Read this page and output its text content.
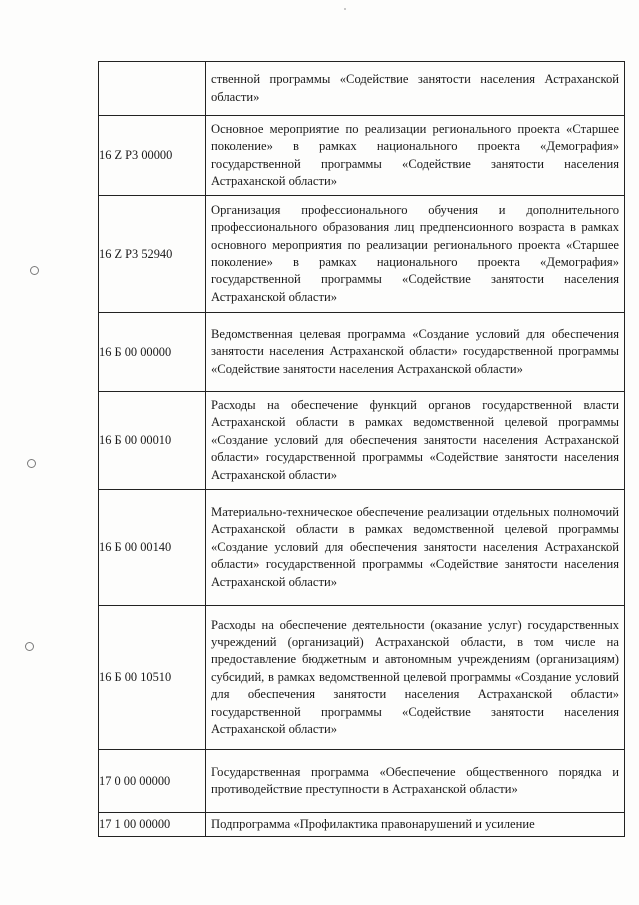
	ственной программы «Содействие занятости населения Астраханской области»

16 Z P3 00000	Основное мероприятие по реализации регионального проекта «Старшее поколение» в рамках национального проекта «Демография» государственной программы «Содействие занятости населения Астраханской области»

16 Z P3 52940	Организация профессионального обучения и дополнительного профессионального образования лиц предпенсионного возраста в рамках основного мероприятия по реализации регионального проекта «Старшее поколение» в рамках национального проекта «Демография» государственной программы «Содействие занятости населения Астраханской области»

16 Б 00 00000	Ведомственная целевая программа «Создание условий для обеспечения занятости населения Астраханской области» государственной программы «Содействие занятости населения Астраханской области»

16 Б 00 00010	Расходы на обеспечение функций органов государственной власти Астраханской области в рамках ведомственной целевой программы «Создание условий для обеспечения занятости населения Астраханской области» государственной программы «Содействие занятости населения Астраханской области»

16 Б 00 00140	Материально-техническое обеспечение реализации отдельных полномочий Астраханской области в рамках ведомственной целевой программы «Создание условий для обеспечения занятости населения Астраханской области» государственной программы «Содействие занятости населения Астраханской области»

16 Б 00 10510	Расходы на обеспечение деятельности (оказание услуг) государственных учреждений (организаций) Астраханской области, в том числе на предоставление бюджетным и автономным учреждениям (организациям) субсидий, в рамках ведомственной целевой программы «Создание условий для обеспечения занятости населения Астраханской области» государственной программы «Содействие занятости населения Астраханской области»

17 0 00 00000	Государственная программа «Обеспечение общественного порядка и противодействие преступности в Астраханской области»

17 1 00 00000	Подпрограмма «Профилактика правонарушений и усиление
